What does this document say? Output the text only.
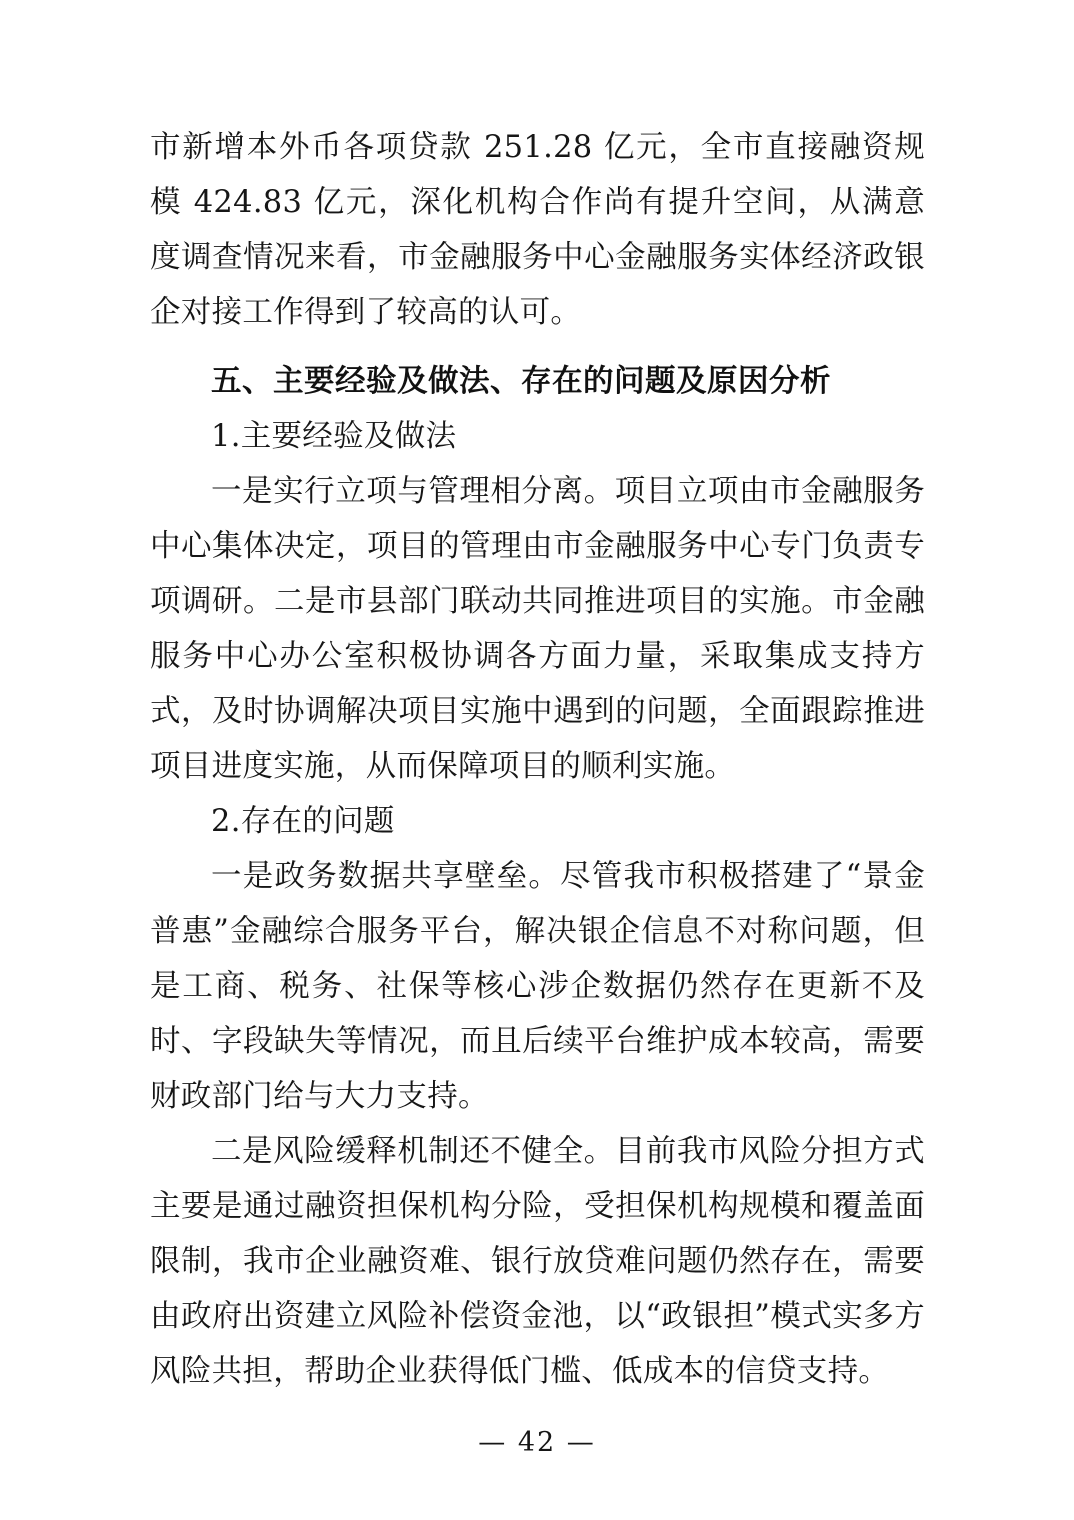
市新增本外币各项贷款 251.28 亿元，全市直接融资规模 424.83 亿元，深化机构合作尚有提升空间，从满意度调查情况来看，市金融服务中心金融服务实体经济政银企对接工作得到了较高的认可。

五、主要经验及做法、存在的问题及原因分析

1.主要经验及做法

一是实行立项与管理相分离。项目立项由市金融服务中心集体决定，项目的管理由市金融服务中心专门负责专项调研。二是市县部门联动共同推进项目的实施。市金融服务中心办公室积极协调各方面力量，采取集成支持方式，及时协调解决项目实施中遇到的问题，全面跟踪推进项目进度实施，从而保障项目的顺利实施。

2.存在的问题

一是政务数据共享壁垒。尽管我市积极搭建了“景金普惠”金融综合服务平台，解决银企信息不对称问题，但是工商、税务、社保等核心涉企数据仍然存在更新不及时、字段缺失等情况，而且后续平台维护成本较高，需要财政部门给与大力支持。

二是风险缓释机制还不健全。目前我市风险分担方式主要是通过融资担保机构分险，受担保机构规模和覆盖面限制，我市企业融资难、银行放贷难问题仍然存在，需要由政府出资建立风险补偿资金池，以“政银担”模式实多方风险共担，帮助企业获得低门槛、低成本的信贷支持。

— 42 —
